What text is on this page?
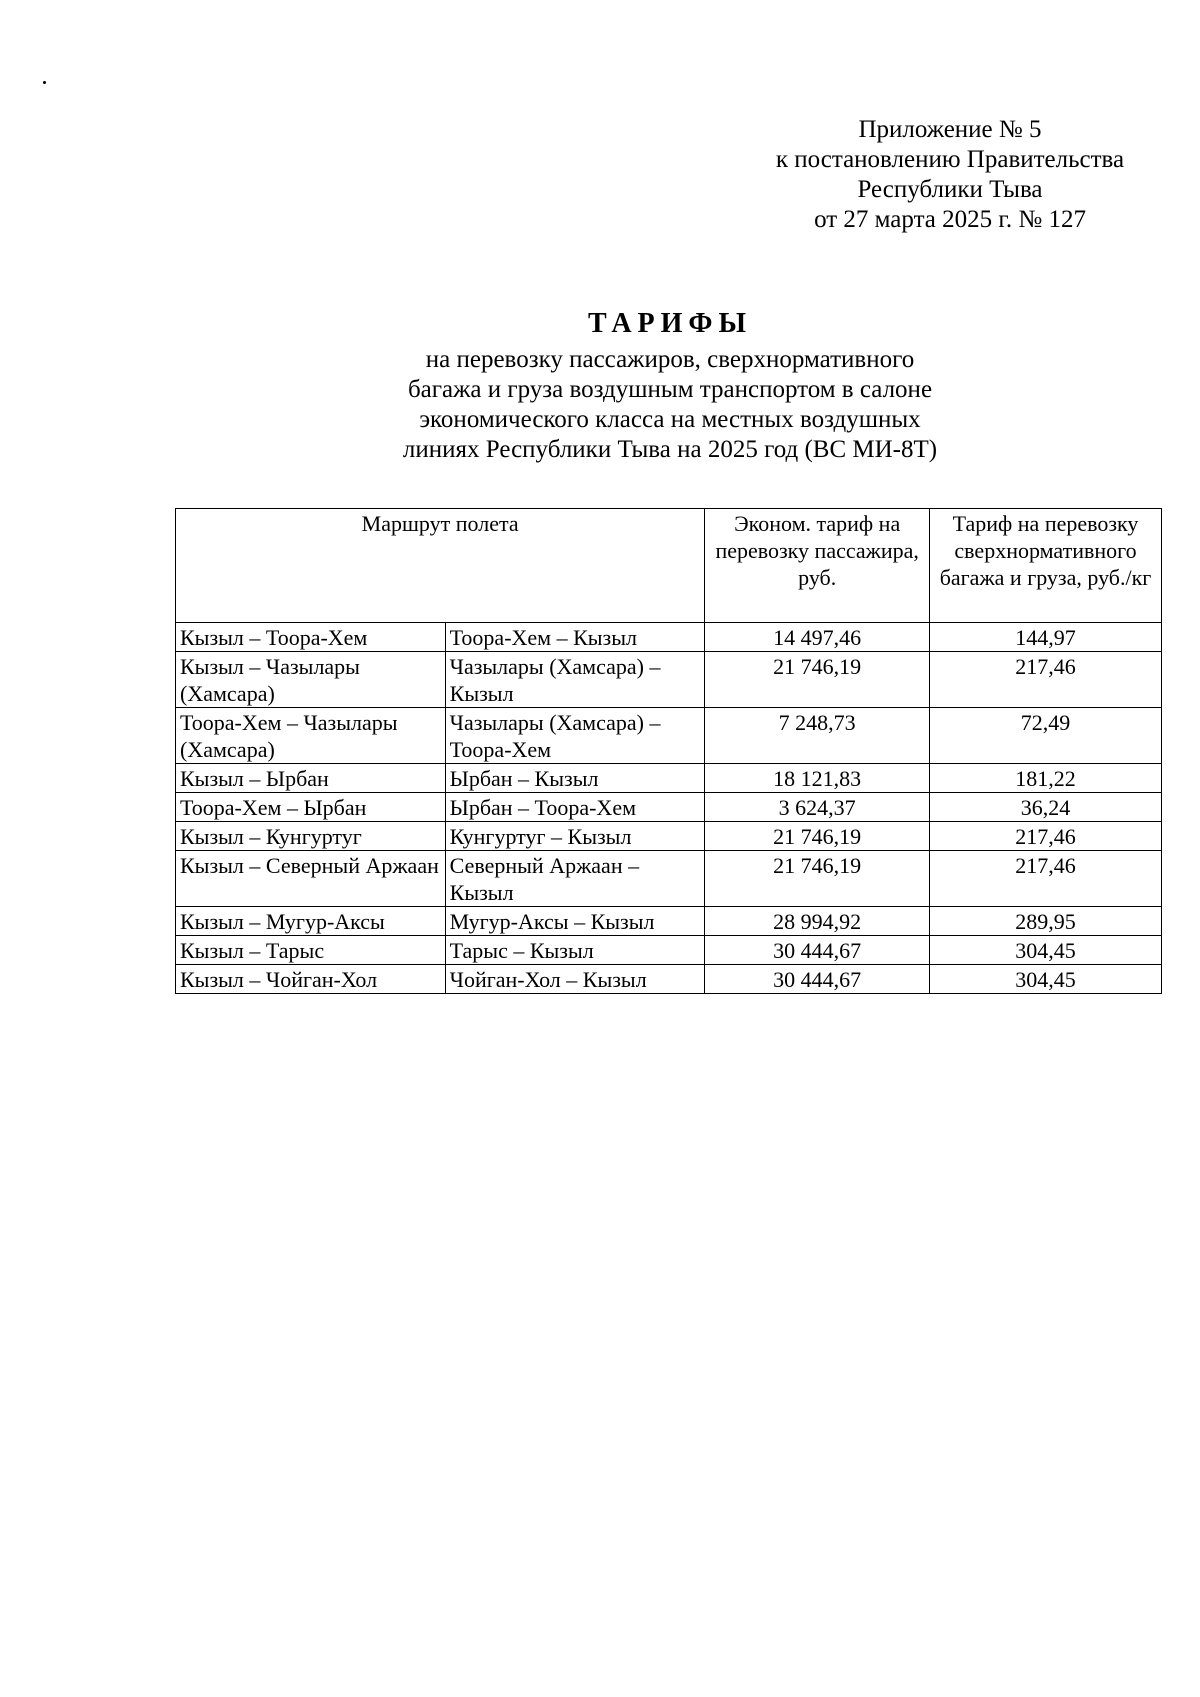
Приложение № 5
к постановлению Правительства
Республики Тыва
от 27 марта 2025 г. № 127
ТАРИФЫ
на перевозку пассажиров, сверхнормативного
багажа и груза воздушным транспортом в салоне
экономического класса на местных воздушных
линиях Республики Тыва на 2025 год (ВС МИ-8Т)
Маршрут полета		Эконом. тариф на перевозку пассажира, руб.	Тариф на перевозку сверхнормативного багажа и груза, руб./кг
Кызыл – Тоора-Хем	Тоора-Хем – Кызыл	14 497,46	144,97
Кызыл – Чазылары (Хамсара)	Чазылары (Хамсара) – Кызыл	21 746,19	217,46
Тоора-Хем – Чазылары (Хамсара)	Чазылары (Хамсара) – Тоора-Хем	7 248,73	72,49
Кызыл – Ырбан	Ырбан – Кызыл	18 121,83	181,22
Тоора-Хем – Ырбан	Ырбан – Тоора-Хем	3 624,37	36,24
Кызыл – Кунгуртуг	Кунгуртуг – Кызыл	21 746,19	217,46
Кызыл – Северный Аржаан	Северный Аржаан – Кызыл	21 746,19	217,46
Кызыл – Мугур-Аксы	Мугур-Аксы – Кызыл	28 994,92	289,95
Кызыл – Тарыс	Тарыс – Кызыл	30 444,67	304,45
Кызыл – Чойган-Хол	Чойган-Хол – Кызыл	30 444,67	304,45
